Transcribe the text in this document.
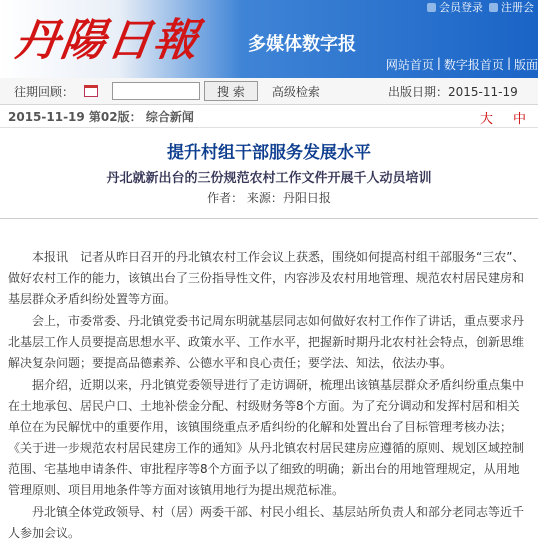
丹陽日報	多媒体数字报
会员登录 注册会
网站首页 | 数字报首页 | 版面
往期回顾：	搜 索	高级检索	出版日期：2015-11-19
2015-11-19 第02版： 综合新闻	大 中
提升村组干部服务发展水平
丹北就新出台的三份规范农村工作文件开展千人动员培训
作者： 来源：丹阳日报

本报讯　记者从昨日召开的丹北镇农村工作会议上获悉，围绕如何提高村组干部服务“三农”、做好农村工作的能力，该镇出台了三份指导性文件，内容涉及农村用地管理、规范农村居民建房和基层群众矛盾纠纷处置等方面。

会上，市委常委、丹北镇党委书记周东明就基层同志如何做好农村工作作了讲话，重点要求丹北基层工作人员要提高思想水平、政策水平、工作水平，把握新时期丹北农村社会特点，创新思维解决复杂问题；要提高品德素养、公德水平和良心责任；要学法、知法，依法办事。

据介绍，近期以来，丹北镇党委领导进行了走访调研，梳理出该镇基层群众矛盾纠纷重点集中在土地承包、居民户口、土地补偿金分配、村级财务等8个方面。为了充分调动和发挥村居和相关单位在为民解忧中的重要作用，该镇围绕重点矛盾纠纷的化解和处置出台了目标管理考核办法；《关于进一步规范农村居民建房工作的通知》从丹北镇农村居民建房应遵循的原则、规划区域控制范围、宅基地申请条件、审批程序等8个方面予以了细致的明确；新出台的用地管理规定，从用地管理原则、项目用地条件等方面对该镇用地行为提出规范标准。

丹北镇全体党政领导、村（居）两委干部、村民小组长、基层站所负责人和部分老同志等近千人参加会议。
